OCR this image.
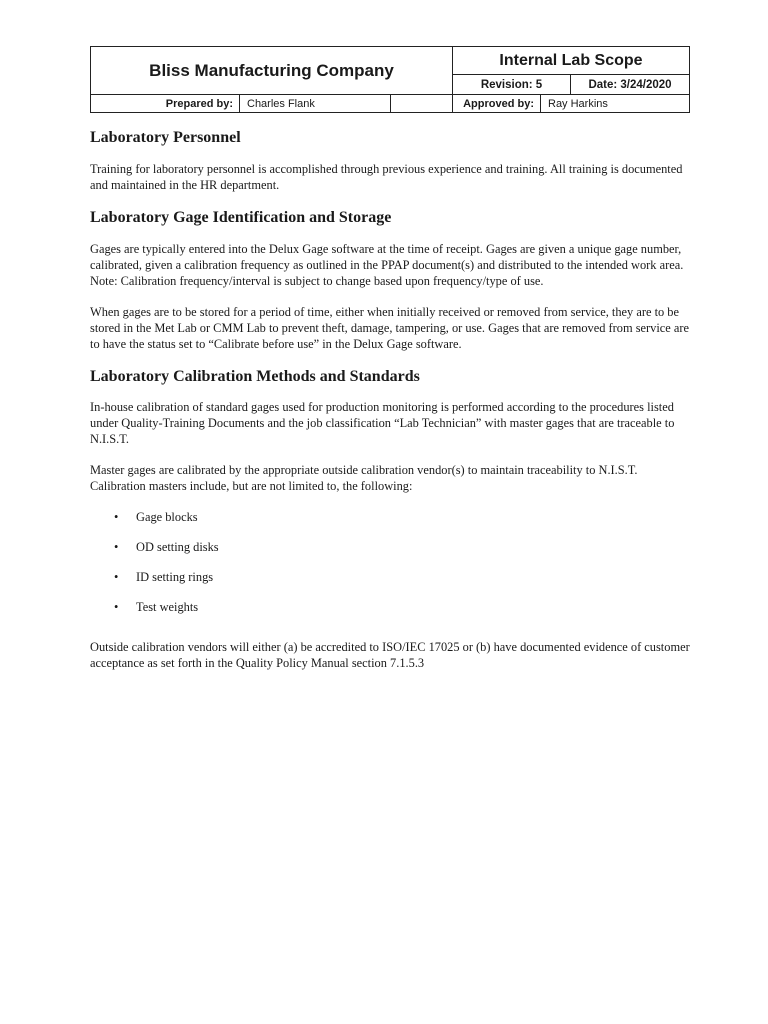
Bliss Manufacturing Company
Internal Lab Scope
Revision: 5	Date: 3/24/2020
Prepared by:	Charles Flank	Approved by:	Ray Harkins
Laboratory Personnel

Training for laboratory personnel is accomplished through previous experience and training. All training is documented and maintained in the HR department.

Laboratory Gage Identification and Storage

Gages are typically entered into the Delux Gage software at the time of receipt. Gages are given a unique gage number, calibrated, given a calibration frequency as outlined in the PPAP document(s) and distributed to the intended work area. Note: Calibration frequency/interval is subject to change based upon frequency/type of use.

When gages are to be stored for a period of time, either when initially received or removed from service, they are to be stored in the Met Lab or CMM Lab to prevent theft, damage, tampering, or use. Gages that are removed from service are to have the status set to “Calibrate before use” in the Delux Gage software.

Laboratory Calibration Methods and Standards

In-house calibration of standard gages used for production monitoring is performed according to the procedures listed under Quality-Training Documents and the job classification “Lab Technician” with master gages that are traceable to N.I.S.T.

Master gages are calibrated by the appropriate outside calibration vendor(s) to maintain traceability to N.I.S.T. Calibration masters include, but are not limited to, the following:

• Gage blocks
• OD setting disks
• ID setting rings
• Test weights

Outside calibration vendors will either (a) be accredited to ISO/IEC 17025 or (b) have documented evidence of customer acceptance as set forth in the Quality Policy Manual section 7.1.5.3
